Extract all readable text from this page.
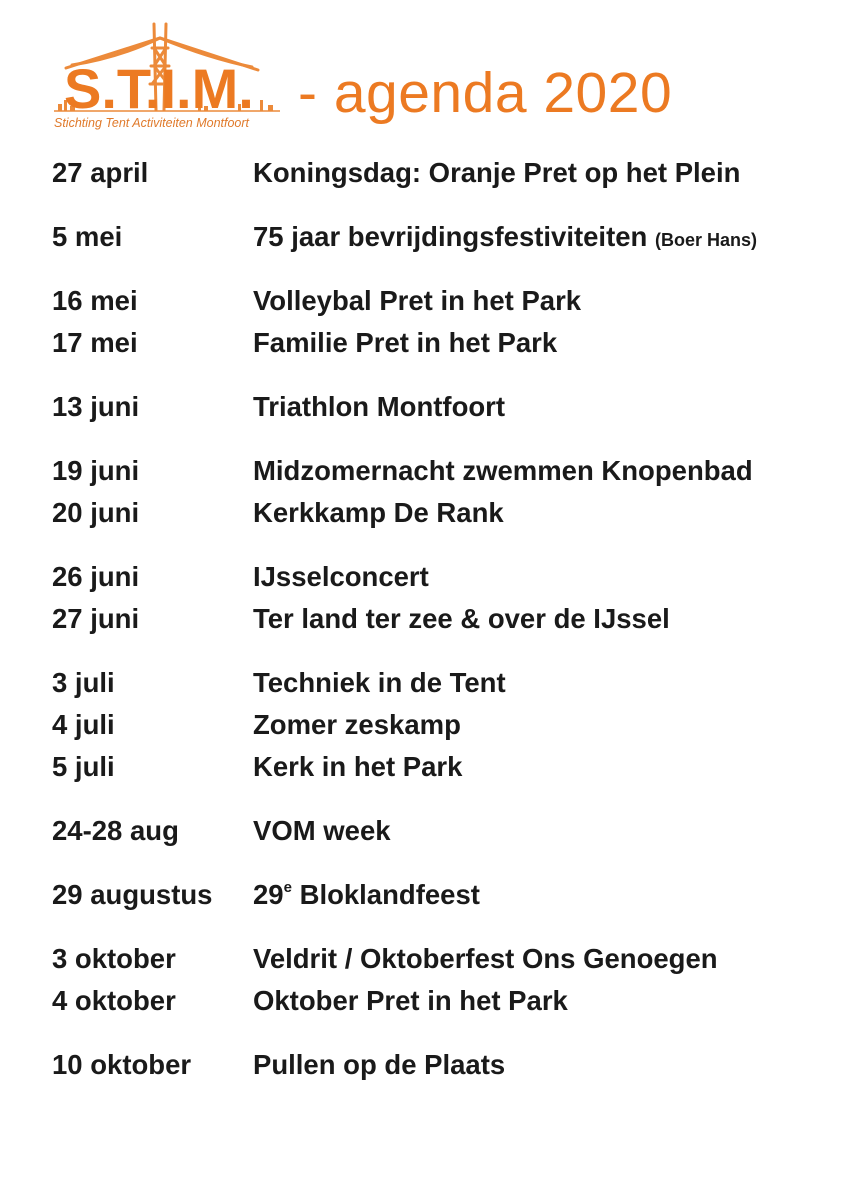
S.T.I.M.
Stichting Tent Activiteiten Montfoort - agenda 2020
27 april	Koningsdag: Oranje Pret op het Plein
5 mei	75 jaar bevrijdingsfestiviteiten (Boer Hans)
16 mei	Volleybal Pret in het Park
17 mei	Familie Pret in het Park
13 juni	Triathlon Montfoort
19 juni	Midzomernacht zwemmen Knopenbad
20 juni	Kerkkamp De Rank
26 juni	IJsselconcert
27 juni	Ter land ter zee & over de IJssel
3 juli	Techniek in de Tent
4 juli	Zomer zeskamp
5 juli	Kerk in het Park
24-28 aug	VOM week
29 augustus	29e Bloklandfeest
3 oktober	Veldrit / Oktoberfest Ons Genoegen
4 oktober	Oktober Pret in het Park
10 oktober	Pullen op de Plaats
